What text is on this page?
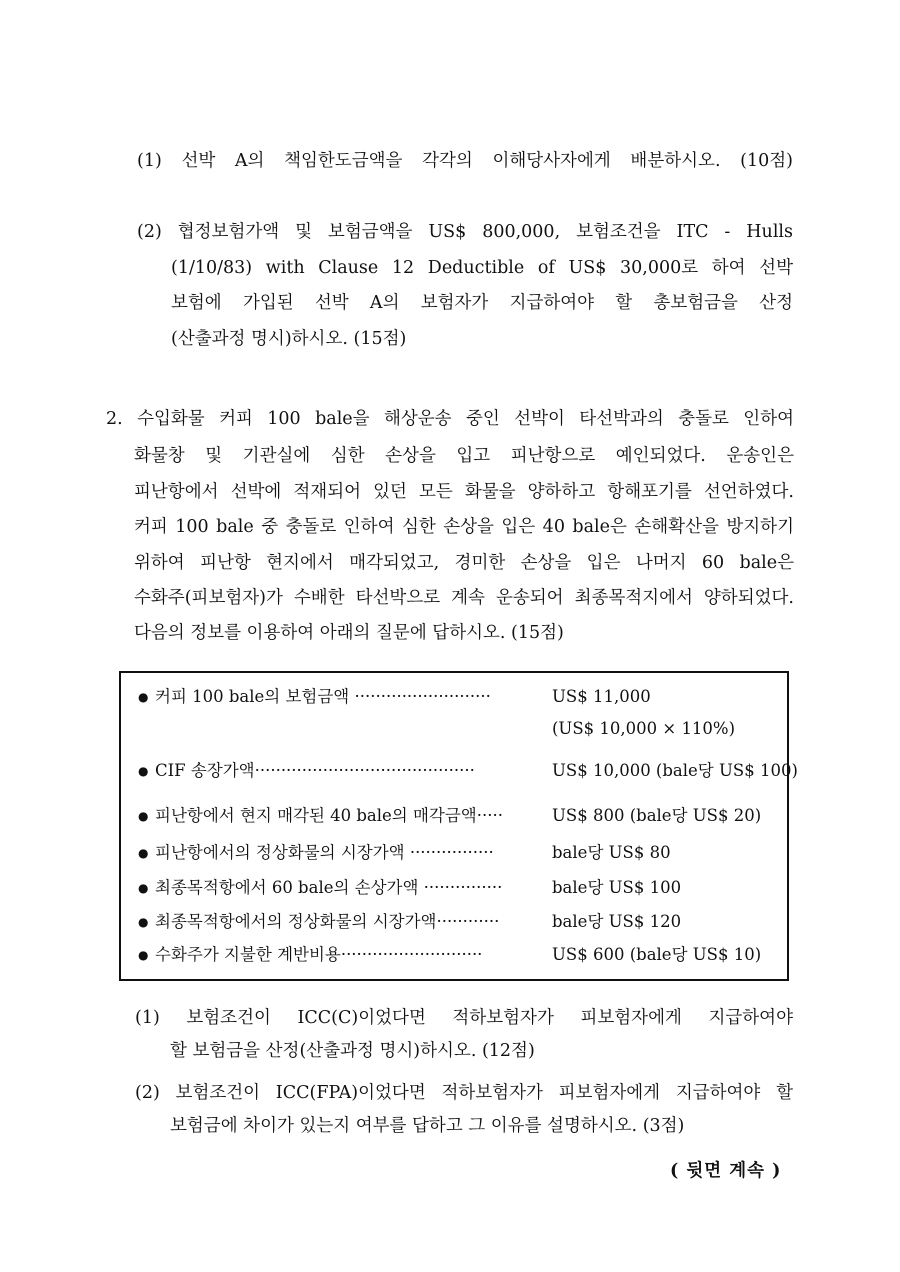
(1) 선박 A의 책임한도금액을 각각의 이해당사자에게 배분하시오. (10점)
(2) 협정보험가액 및 보험금액을 US$ 800,000, 보험조건을 ITC - Hulls
(1/10/83) with Clause 12 Deductible of US$ 30,000로 하여 선박
보험에 가입된 선박 A의 보험자가 지급하여야 할 총보험금을 산정
(산출과정 명시)하시오. (15점)
2. 수입화물 커피 100 bale을 해상운송 중인 선박이 타선박과의 충돌로 인하여
화물창 및 기관실에 심한 손상을 입고 피난항으로 예인되었다. 운송인은
피난항에서 선박에 적재되어 있던 모든 화물을 양하하고 항해포기를 선언하였다.
커피 100 bale 중 충돌로 인하여 심한 손상을 입은 40 bale은 손해확산을 방지하기
위하여 피난항 현지에서 매각되었고, 경미한 손상을 입은 나머지 60 bale은
수화주(피보험자)가 수배한 타선박으로 계속 운송되어 최종목적지에서 양하되었다.
다음의 정보를 이용하여 아래의 질문에 답하시오. (15점)
● 커피 100 bale의 보험금액 ··························	US$ 11,000
(US$ 10,000 × 110%)
● CIF 송장가액··········································	US$ 10,000 (bale당 US$ 100)
● 피난항에서 현지 매각된 40 bale의 매각금액·····	US$ 800 (bale당 US$ 20)
● 피난항에서의 정상화물의 시장가액 ················	bale당 US$ 80
● 최종목적항에서 60 bale의 손상가액 ···············	bale당 US$ 100
● 최종목적항에서의 정상화물의 시장가액············	bale당 US$ 120
● 수화주가 지불한 계반비용···························	US$ 600 (bale당 US$ 10)
(1) 보험조건이 ICC(C)이었다면 적하보험자가 피보험자에게 지급하여야
할 보험금을 산정(산출과정 명시)하시오. (12점)
(2) 보험조건이 ICC(FPA)이었다면 적하보험자가 피보험자에게 지급하여야 할
보험금에 차이가 있는지 여부를 답하고 그 이유를 설명하시오. (3점)
( 뒷면 계속 )
